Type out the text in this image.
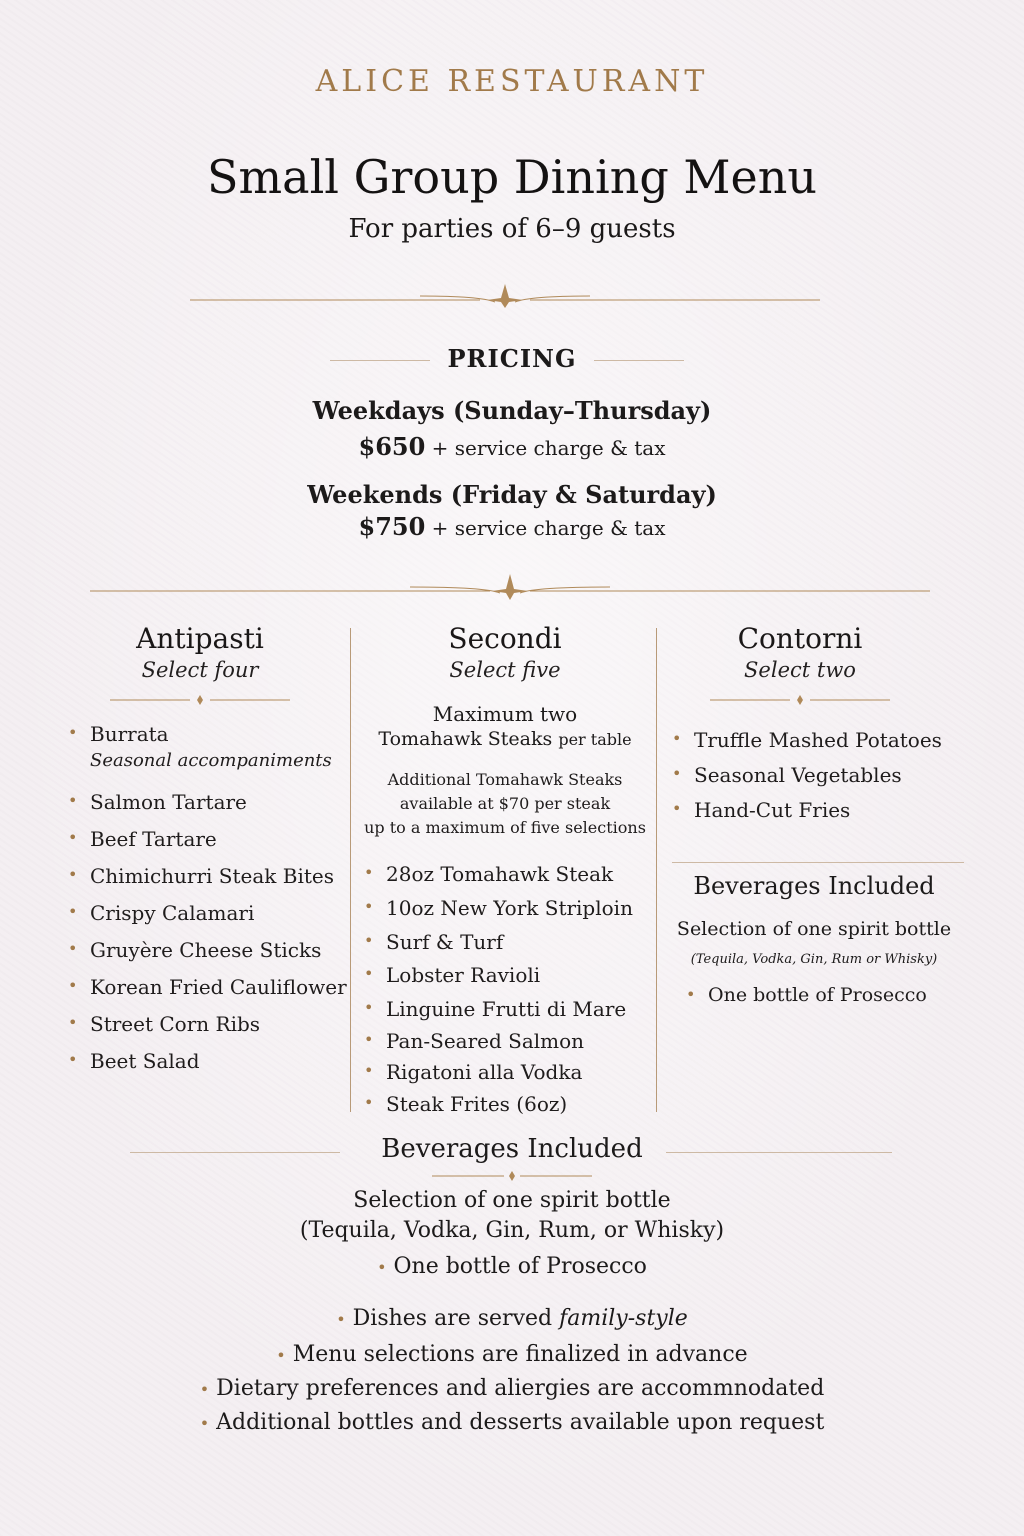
ALICE RESTAURANT
Small Group Dining Menu
For parties of 6–9 guests
PRICING
Weekdays (Sunday–Thursday)
$650 + service charge & tax
Weekends (Friday & Saturday)
$750 + service charge & tax
Antipasti
Select four
• Burrata
Seasonal accompaniments
• Salmon Tartare
• Beef Tartare
• Chimichurri Steak Bites
• Crispy Calamari
• Gruyère Cheese Sticks
• Korean Fried Cauliflower
• Street Corn Ribs
• Beet Salad
Secondi
Select five
Maximum two
Tomahawk Steaks per table
Additional Tomahawk Steaks
available at $70 per steak
up to a maximum of five selections
• 28oz Tomahawk Steak
• 10oz New York Striploin
• Surf & Turf
• Lobster Ravioli
• Linguine Frutti di Mare
• Pan-Seared Salmon
• Rigatoni alla Vodka
• Steak Frites (6oz)
Contorni
Select two
• Truffle Mashed Potatoes
• Seasonal Vegetables
• Hand-Cut Fries
Beverages Included
Selection of one spirit bottle
(Tequila, Vodka, Gin, Rum or Whisky)
• One bottle of Prosecco
Beverages Included
Selection of one spirit bottle
(Tequila, Vodka, Gin, Rum, or Whisky)
• One bottle of Prosecco
• Dishes are served family-style
• Menu selections are finalized in advance
• Dietary preferences and aliergies are accommnodated
• Additional bottles and desserts available upon request
